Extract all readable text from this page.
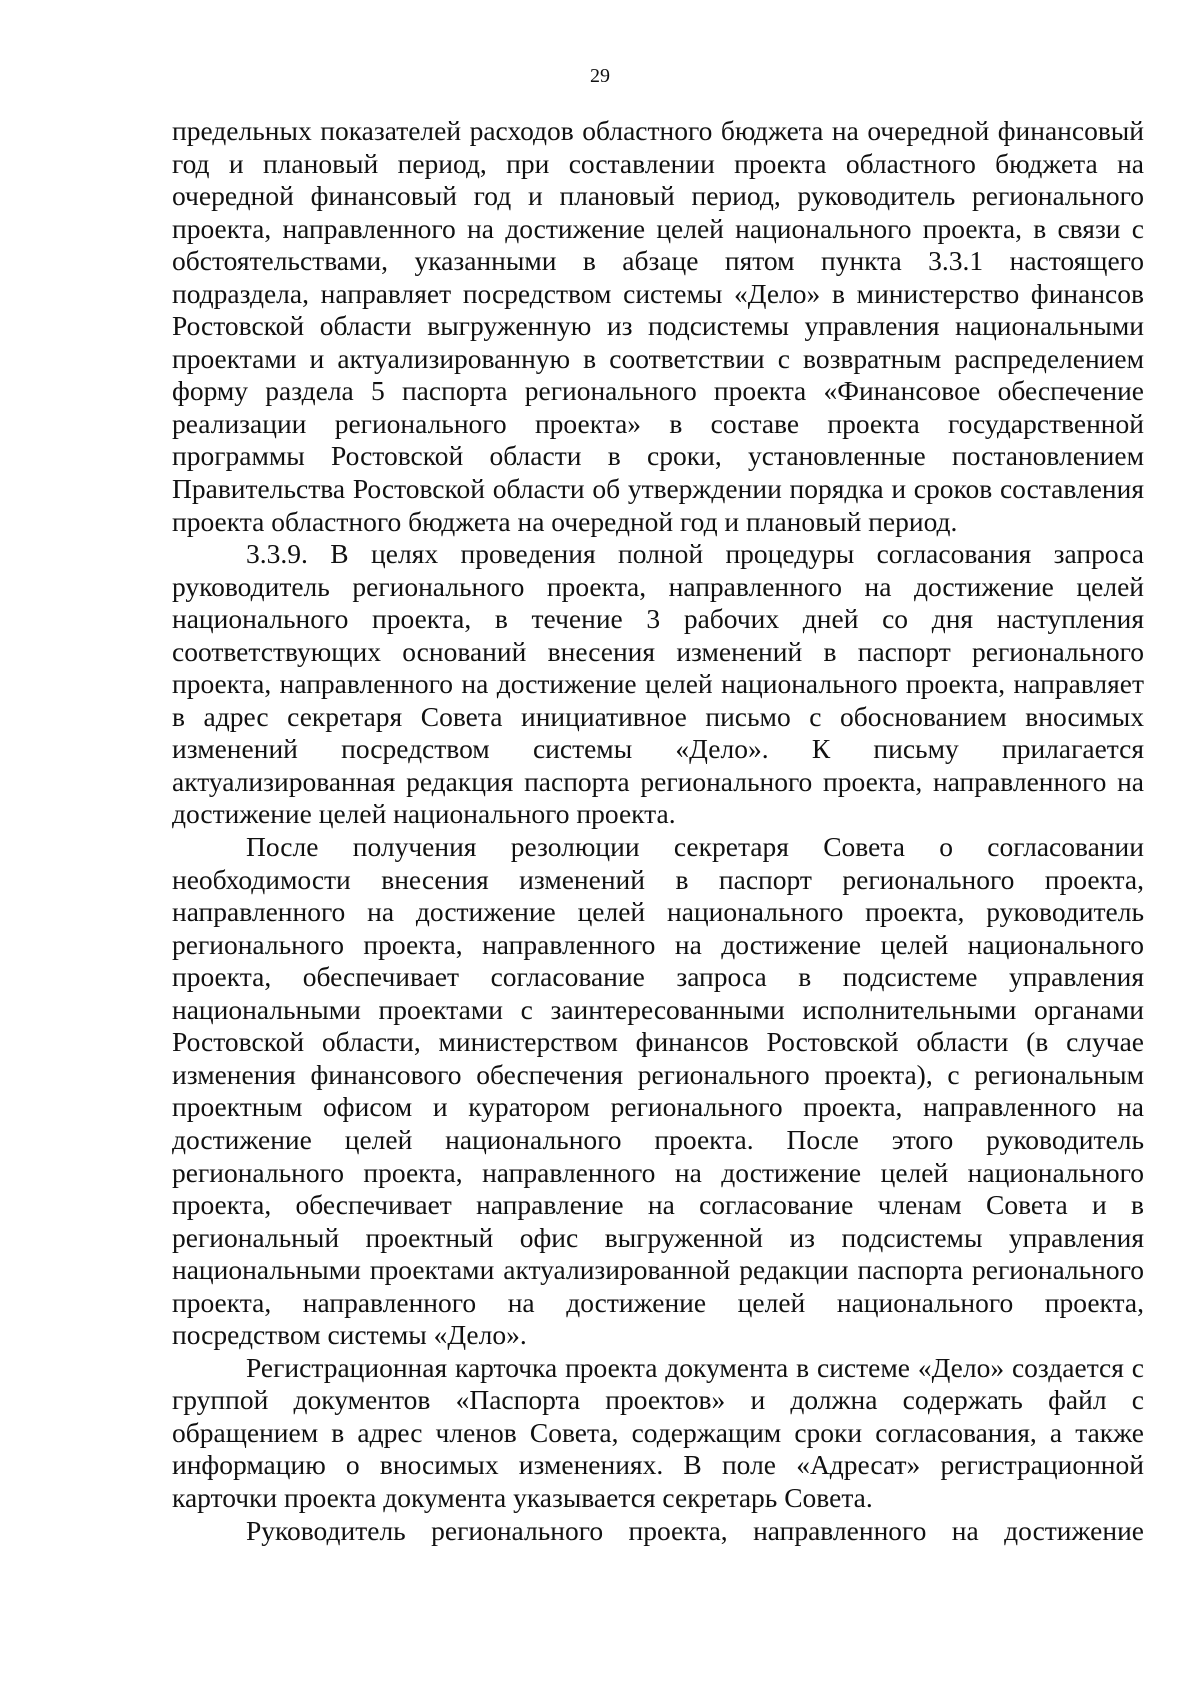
29

предельных показателей расходов областного бюджета на очередной финансовый год и плановый период, при составлении проекта областного бюджета на очередной финансовый год и плановый период, руководитель регионального проекта, направленного на достижение целей национального проекта, в связи с обстоятельствами, указанными в абзаце пятом пункта 3.3.1 настоящего подраздела, направляет посредством системы «Дело» в министерство финансов Ростовской области выгруженную из подсистемы управления национальными проектами и актуализированную в соответствии с возвратным распределением форму раздела 5 паспорта регионального проекта «Финансовое обеспечение реализации регионального проекта» в составе проекта государственной программы Ростовской области в сроки, установленные постановлением Правительства Ростовской области об утверждении порядка и сроков составления проекта областного бюджета на очередной год и плановый период.

3.3.9. В целях проведения полной процедуры согласования запроса руководитель регионального проекта, направленного на достижение целей национального проекта, в течение 3 рабочих дней со дня наступления соответствующих оснований внесения изменений в паспорт регионального проекта, направленного на достижение целей национального проекта, направляет в адрес секретаря Совета инициативное письмо с обоснованием вносимых изменений посредством системы «Дело». К письму прилагается актуализированная редакция паспорта регионального проекта, направленного на достижение целей национального проекта.

После получения резолюции секретаря Совета о согласовании необходимости внесения изменений в паспорт регионального проекта, направленного на достижение целей национального проекта, руководитель регионального проекта, направленного на достижение целей национального проекта, обеспечивает согласование запроса в подсистеме управления национальными проектами с заинтересованными исполнительными органами Ростовской области, министерством финансов Ростовской области (в случае изменения финансового обеспечения регионального проекта), с региональным проектным офисом и куратором регионального проекта, направленного на достижение целей национального проекта. После этого руководитель регионального проекта, направленного на достижение целей национального проекта, обеспечивает направление на согласование членам Совета и в региональный проектный офис выгруженной из подсистемы управления национальными проектами актуализированной редакции паспорта регионального проекта, направленного на достижение целей национального проекта, посредством системы «Дело».

Регистрационная карточка проекта документа в системе «Дело» создается с группой документов «Паспорта проектов» и должна содержать файл с обращением в адрес членов Совета, содержащим сроки согласования, а также информацию о вносимых изменениях. В поле «Адресат» регистрационной карточки проекта документа указывается секретарь Совета.

Руководитель регионального проекта, направленного на достижение
